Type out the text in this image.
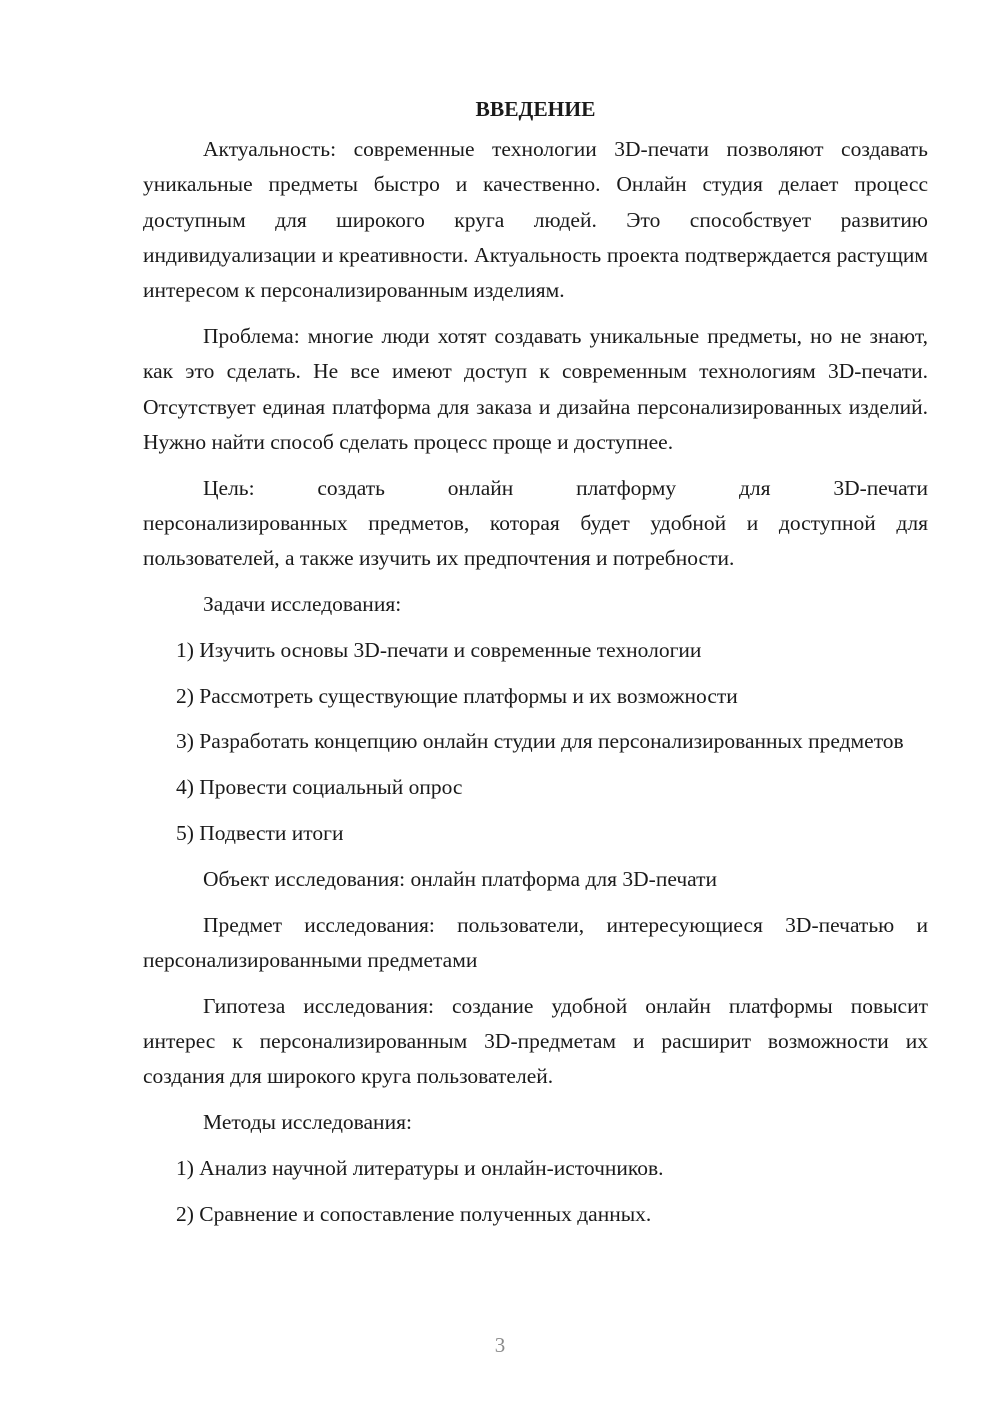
ВВЕДЕНИЕ

Актуальность: современные технологии 3D-печати позволяют создавать уникальные предметы быстро и качественно. Онлайн студия делает процесс доступным для широкого круга людей. Это способствует развитию индивидуализации и креативности. Актуальность проекта подтверждается растущим интересом к персонализированным изделиям.

Проблема: многие люди хотят создавать уникальные предметы, но не знают, как это сделать. Не все имеют доступ к современным технологиям 3D-печати. Отсутствует единая платформа для заказа и дизайна персонализированных изделий. Нужно найти способ сделать процесс проще и доступнее.

Цель: создать онлайн платформу для 3D-печати
персонализированных предметов, которая будет удобной и доступной для пользователей, а также изучить их предпочтения и потребности.

Задачи исследования:

1) Изучить основы 3D-печати и современные технологии

2) Рассмотреть существующие платформы и их возможности

3) Разработать концепцию онлайн студии для персонализированных предметов

4) Провести социальный опрос

5) Подвести итоги

Объект исследования: онлайн платформа для 3D-печати

Предмет исследования: пользователи, интересующиеся 3D-печатью и персонализированными предметами

Гипотеза исследования: создание удобной онлайн платформы повысит интерес к персонализированным 3D-предметам и расширит возможности их создания для широкого круга пользователей.

Методы исследования:

1) Анализ научной литературы и онлайн-источников.

2) Сравнение и сопоставление полученных данных.

3
